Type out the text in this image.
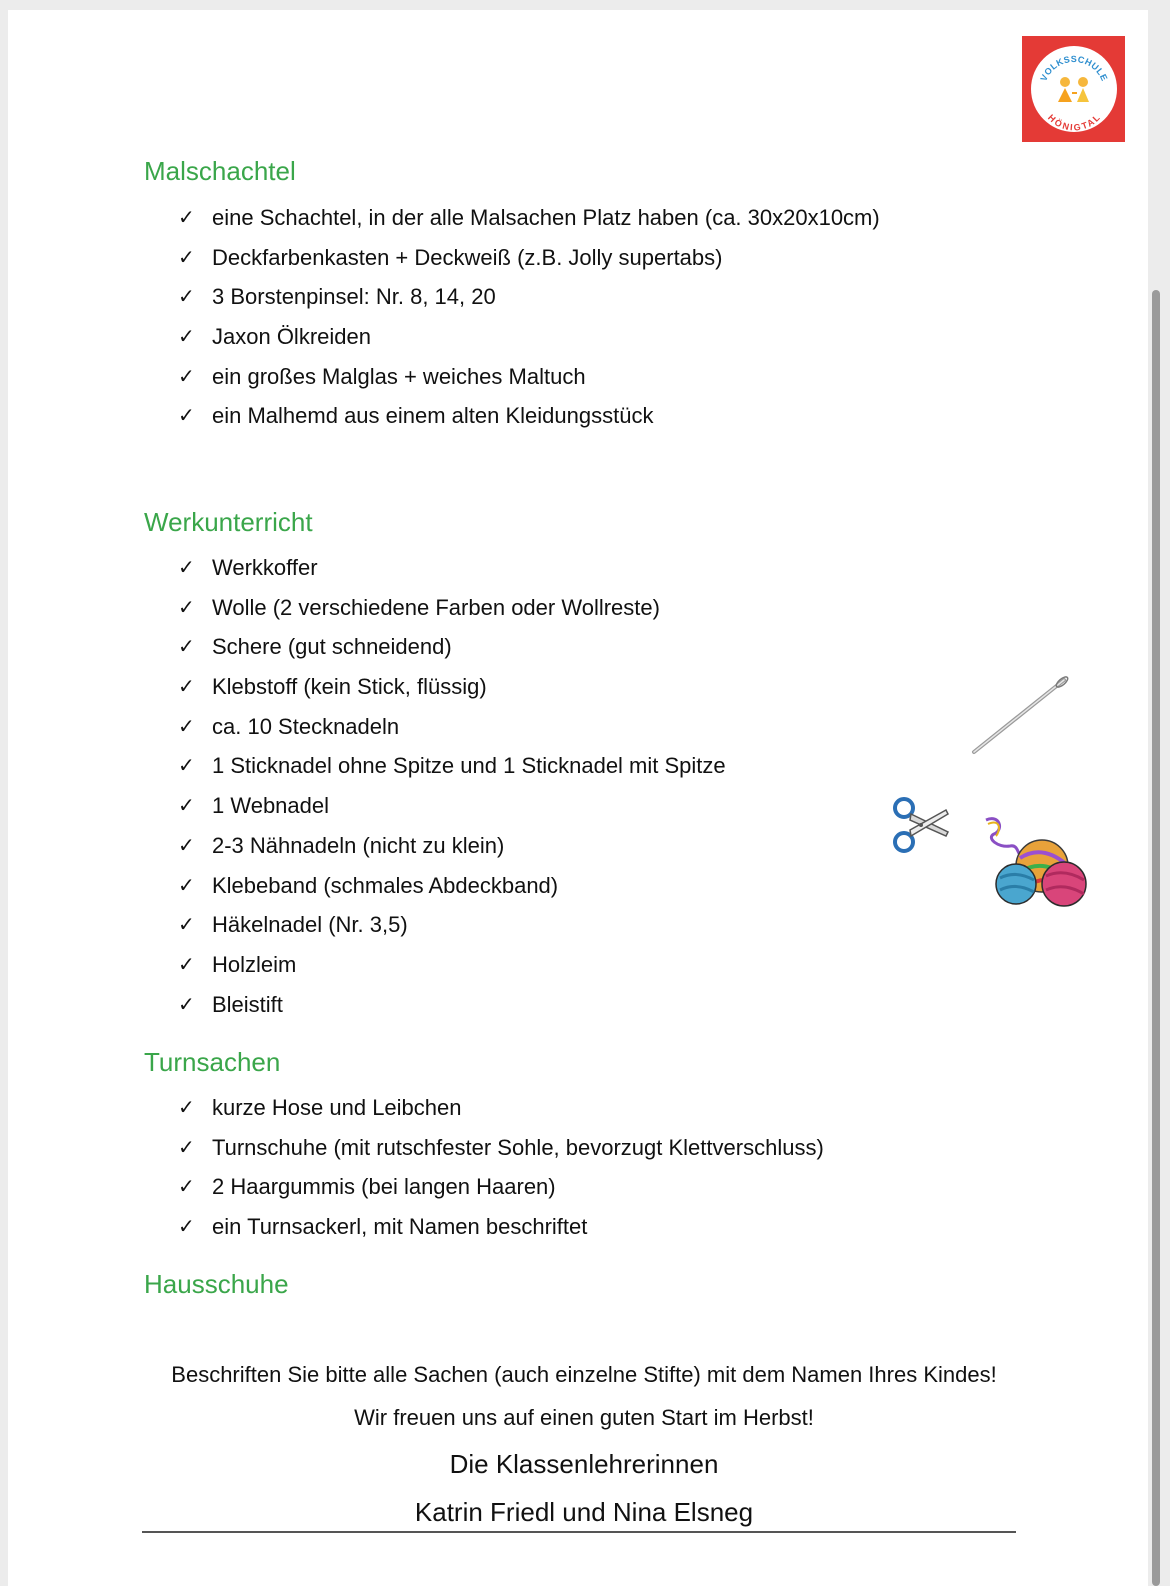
VOLKSSCHULE
HÖNIGTAL
Malschachtel
✓ eine Schachtel, in der alle Malsachen Platz haben (ca. 30x20x10cm)
✓ Deckfarbenkasten + Deckweiß (z.B. Jolly supertabs)
✓ 3 Borstenpinsel: Nr. 8, 14, 20
✓ Jaxon Ölkreiden
✓ ein großes Malglas + weiches Maltuch
✓ ein Malhemd aus einem alten Kleidungsstück
Werkunterricht
✓ Werkkoffer
✓ Wolle (2 verschiedene Farben oder Wollreste)
✓ Schere (gut schneidend)
✓ Klebstoff (kein Stick, flüssig)
✓ ca. 10 Stecknadeln
✓ 1 Sticknadel ohne Spitze und 1 Sticknadel mit Spitze
✓ 1 Webnadel
✓ 2-3 Nähnadeln (nicht zu klein)
✓ Klebeband (schmales Abdeckband)
✓ Häkelnadel (Nr. 3,5)
✓ Holzleim
✓ Bleistift
Turnsachen
✓ kurze Hose und Leibchen
✓ Turnschuhe (mit rutschfester Sohle, bevorzugt Klettverschluss)
✓ 2 Haargummis (bei langen Haaren)
✓ ein Turnsackerl, mit Namen beschriftet
Hausschuhe

Beschriften Sie bitte alle Sachen (auch einzelne Stifte) mit dem Namen Ihres Kindes!

Wir freuen uns auf einen guten Start im Herbst!

Die Klassenlehrerinnen

Katrin Friedl und Nina Elsneg
